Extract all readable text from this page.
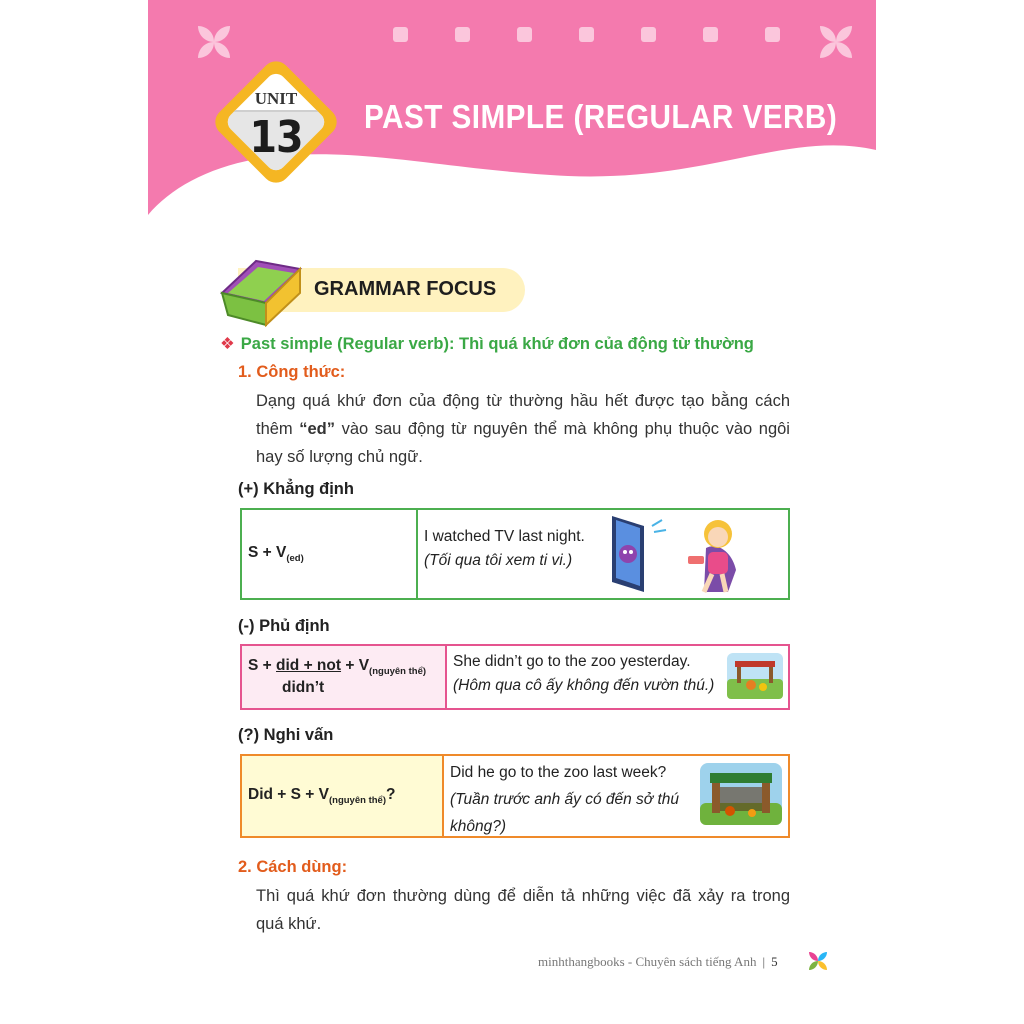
UNIT
13	PAST SIMPLE (REGULAR VERB)
GRAMMAR FOCUS
❖ Past simple (Regular verb): Thì quá khứ đơn của động từ thường
1. Công thức:
Dạng quá khứ đơn của động từ thường hầu hết được tạo bằng cách
thêm “ed” vào sau động từ nguyên thể mà không phụ thuộc vào ngôi
hay số lượng chủ ngữ.
(+) Khẳng định
$S + V_{(ed)}$
I watched TV last night.
(Tối qua tôi xem ti vi.)
(-) Phủ định
S + did + not + $V_{(nguyên thể)}$
didn’t
She didn’t go to the zoo yesterday.
(Hôm qua cô ấy không đến vườn thú.)
(?) Nghi vấn
Did + $S + V_{(nguyên thể)}$?
Did he go to the zoo last week?
(Tuần trước anh ấy có đến sở thú
không?)
2. Cách dùng:
Thì quá khứ đơn thường dùng để diễn tả những việc đã xảy ra trong
quá khứ.
minhthangbooks - Chuyên sách tiếng Anh | 5
